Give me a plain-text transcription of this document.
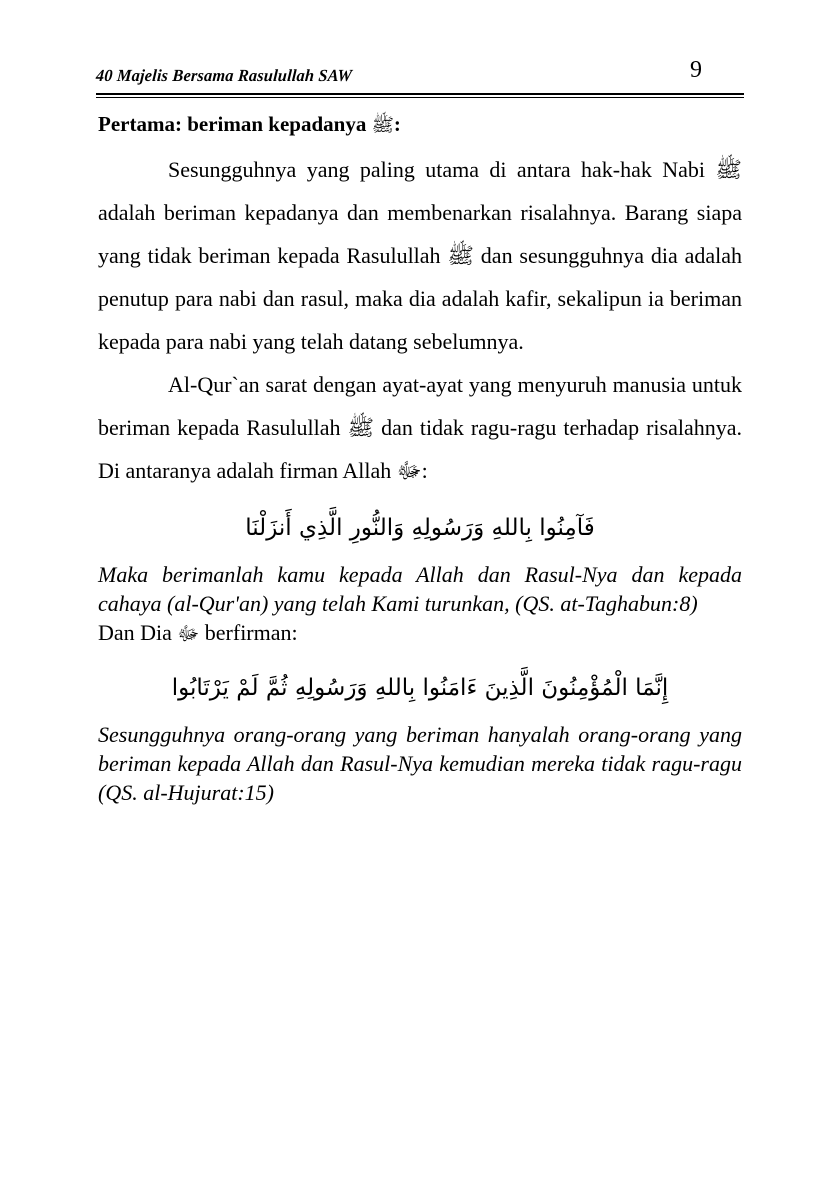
40 Majelis Bersama Rasulullah SAW	9
Pertama: beriman kepadanya ﷺ:

Sesungguhnya yang paling utama di antara hak-hak Nabi ﷺ adalah beriman kepadanya dan membenarkan risalahnya. Barang siapa yang tidak beriman kepada Rasulullah ﷺ dan sesungguhnya dia adalah penutup para nabi dan rasul, maka dia adalah kafir, sekalipun ia beriman kepada para nabi yang telah datang sebelumnya.

Al-Qur`an sarat dengan ayat-ayat yang menyuruh manusia untuk beriman kepada Rasulullah ﷺ dan tidak ragu-ragu terhadap risalahnya. Di antaranya adalah firman Allah ﷻ:

فَآمِنُوا بِاللهِ وَرَسُولِهِ وَالنُّورِ الَّذِي أَنزَلْنَا

Maka berimanlah kamu kepada Allah dan Rasul-Nya dan kepada cahaya (al-Qur'an) yang telah Kami turunkan, (QS. at-Taghabun:8)

Dan Dia ﷻ berfirman:

إِنَّمَا الْمُؤْمِنُونَ الَّذِينَ ءَامَنُوا بِاللهِ وَرَسُولِهِ ثُمَّ لَمْ يَرْتَابُوا

Sesungguhnya orang-orang yang beriman hanyalah orang-orang yang beriman kepada Allah dan Rasul-Nya kemudian mereka tidak ragu-ragu (QS. al-Hujurat:15)
